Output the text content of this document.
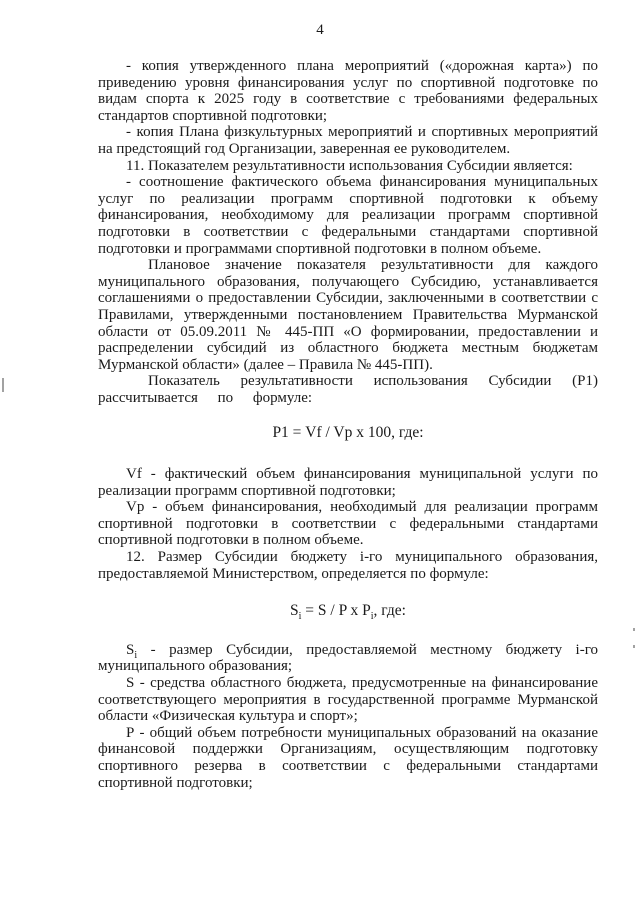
4

- копия утвержденного плана мероприятий («дорожная карта») по приведению уровня финансирования услуг по спортивной подготовке по видам спорта к 2025 году в соответствие с требованиями федеральных стандартов спортивной подготовки;

- копия Плана физкультурных мероприятий и спортивных мероприятий на предстоящий год Организации, заверенная ее руководителем.

11. Показателем результативности использования Субсидии является:

- соотношение фактического объема финансирования муниципальных услуг по реализации программ спортивной подготовки к объему финансирования, необходимому для реализации программ спортивной подготовки в соответствии с федеральными стандартами спортивной подготовки и программами спортивной подготовки в полном объеме.

Плановое значение показателя результативности для каждого муниципального образования, получающего Субсидию, устанавливается соглашениями о предоставлении Субсидии, заключенными в соответствии с Правилами, утвержденными постановлением Правительства Мурманской области от 05.09.2011 № 445-ПП «О формировании, предоставлении и распределении субсидий из областного бюджета местным бюджетам Мурманской области» (далее – Правила № 445-ПП).

Показатель результативности использования Субсидии (Р1) рассчитывается по формуле:

Р1 = Vf / Vp x 100, где:

Vf - фактический объем финансирования муниципальной услуги по реализации программ спортивной подготовки;

Vp - объем финансирования, необходимый для реализации программ спортивной подготовки в соответствии с федеральными стандартами спортивной подготовки в полном объеме.

12. Размер Субсидии бюджету i-го муниципального образования, предоставляемой Министерством, определяется по формуле:

$S_i = S / P$ x $P_i$, где:

$S_i$ - размер Субсидии, предоставляемой местному бюджету i-го муниципального образования;

S - средства областного бюджета, предусмотренные на финансирование соответствующего мероприятия в государственной программе Мурманской области «Физическая культура и спорт»;

Р - общий объем потребности муниципальных образований на оказание финансовой поддержки Организациям, осуществляющим подготовку спортивного резерва в соответствии с федеральными стандартами спортивной подготовки;
